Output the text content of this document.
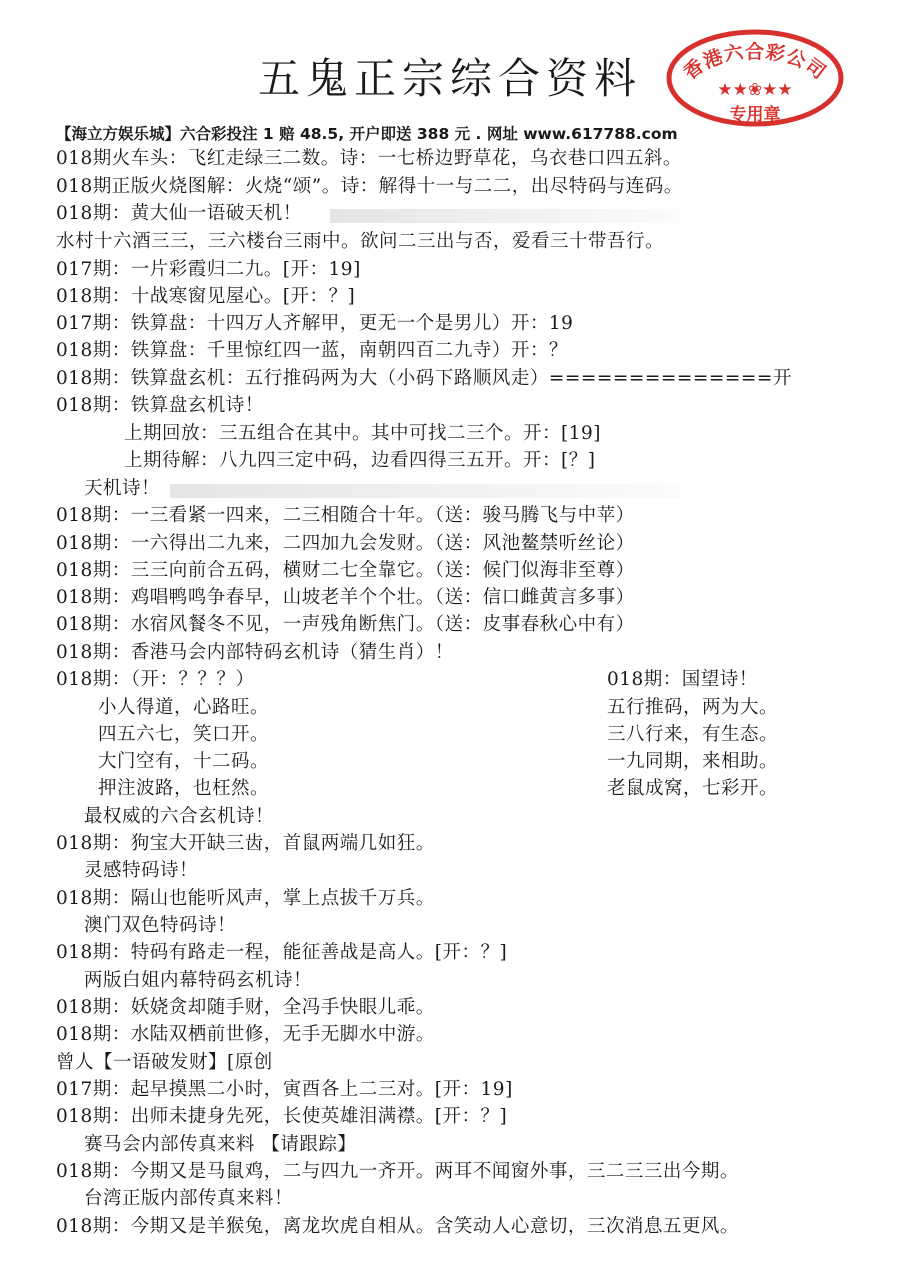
五鬼正宗综合资料	香港六合彩公司
★★❀★★
专用章
【海立方娱乐城】六合彩投注 1 赔 48.5, 开户即送 388 元 . 网址 www.617788.com
018期火车头：飞红走绿三二数。诗：一七桥边野草花，乌衣巷口四五斜。
018期正版火烧图解：火烧“颂”。诗：解得十一与二二，出尽特码与连码。
018期：黄大仙一语破天机！
水村十六酒三三，三六楼台三雨中。欲问二三出与否，爱看三十带吾行。
017期：一片彩霞归二九。[开：19]
018期：十战寒窗见屋心。[开：？]
017期：铁算盘：十四万人齐解甲，更无一个是男儿）开：19
018期：铁算盘：千里惊红四一蓝，南朝四百二九寺）开：？
018期：铁算盘玄机：五行推码两为大（小码下路顺风走）==============开
018期：铁算盘玄机诗！
上期回放：三五组合在其中。其中可找二三个。开：[19]
上期待解：八九四三定中码，边看四得三五开。开：[？]
天机诗！
018期：一三看紧一四来，二三相随合十年。（送：骏马腾飞与中苹）
018期：一六得出二九来，二四加九会发财。（送：风池鳌禁听丝论）
018期：三三向前合五码，横财二七全靠它。（送：候门似海非至尊）
018期：鸡唱鸭鸣争春早，山坡老羊个个壮。（送：信口雌黄言多事）
018期：水宿风餐冬不见，一声残角断焦门。（送：皮事春秋心中有）
018期：香港马会内部特码玄机诗（猜生肖）！
018期：（开：？？？）
小人得道，心路旺。
四五六七，笑口开。
大门空有，十二码。
押注波路，也枉然。
018期：国望诗！
五行推码，两为大。
三八行来，有生态。
一九同期，来相助。
老鼠成窝，七彩开。
最权威的六合玄机诗！
018期：狗宝大开缺三齿，首鼠两端几如狂。
灵感特码诗！
018期：隔山也能听风声，掌上点拔千万兵。
澳门双色特码诗！
018期：特码有路走一程，能征善战是高人。[开：？]
两版白姐内幕特码玄机诗！
018期：妖娆贪却随手财，全冯手快眼儿乖。
018期：水陆双栖前世修，无手无脚水中游。
曾人【一语破发财】[原创
017期：起早摸黑二小时，寅酉各上二三对。[开：19]
018期：出师未捷身先死，长使英雄泪满襟。[开：？]
赛马会内部传真来料 【请跟踪】
018期：今期又是马鼠鸡，二与四九一齐开。两耳不闻窗外事，三二三三出今期。
台湾正版内部传真来料！
018期：今期又是羊猴兔，离龙坎虎自相从。含笑动人心意切，三次消息五更风。
